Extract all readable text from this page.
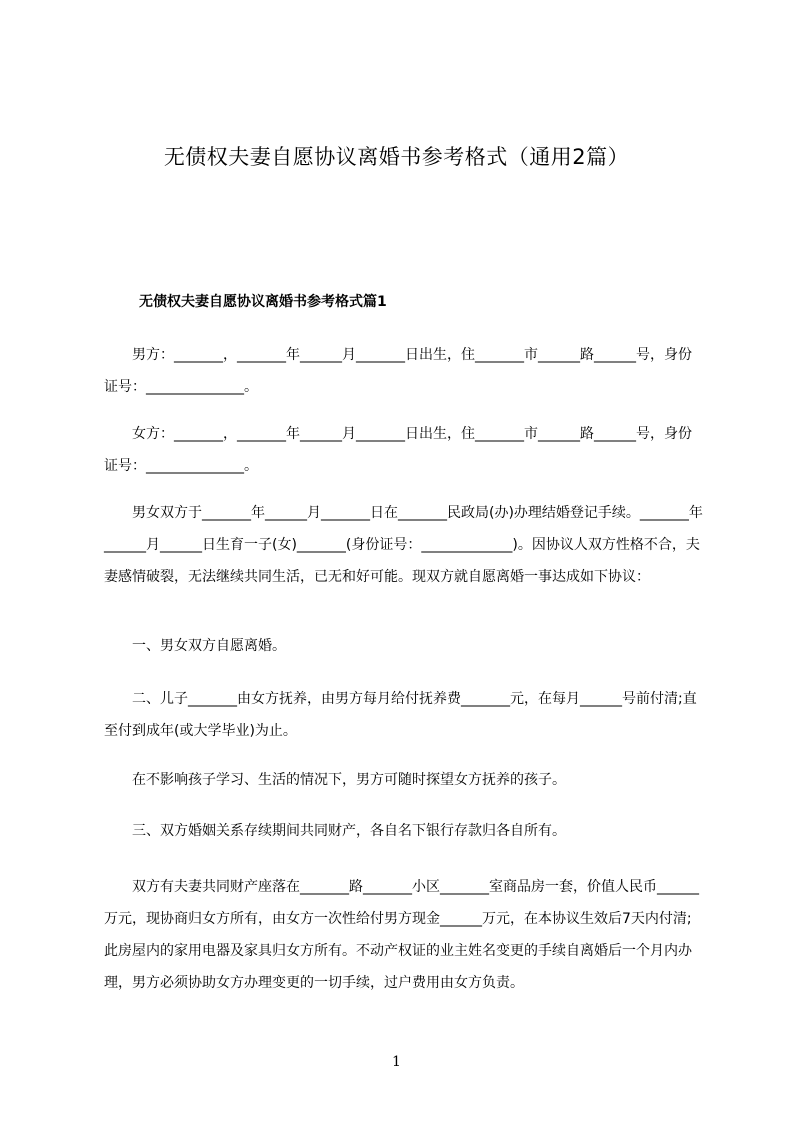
无债权夫妻自愿协议离婚书参考格式（通用2篇）
无债权夫妻自愿协议离婚书参考格式篇1
　　男方：_______，_______年______月_______日出生，住_______市______路______号，身份证号：______________。
　　女方：_______，_______年______月_______日出生，住_______市______路______号，身份证号：______________。
　　男女双方于_______年______月_______日在_______民政局(办)办理结婚登记手续。_______年______月______日生育一子(女)_______(身份证号：_____________)。因协议人双方性格不合，夫妻感情破裂，无法继续共同生活，已无和好可能。现双方就自愿离婚一事达成如下协议：
　　一、男女双方自愿离婚。
　　二、儿子_______由女方抚养，由男方每月给付抚养费_______元，在每月______号前付清;直至付到成年(或大学毕业)为止。
　　在不影响孩子学习、生活的情况下，男方可随时探望女方抚养的孩子。
　　三、双方婚姻关系存续期间共同财产，各自名下银行存款归各自所有。
　　双方有夫妻共同财产座落在_______路_______小区_______室商品房一套，价值人民币______万元，现协商归女方所有，由女方一次性给付男方现金______万元，在本协议生效后7天内付清;此房屋内的家用电器及家具归女方所有。不动产权证的业主姓名变更的手续自离婚后一个月内办理，男方必须协助女方办理变更的一切手续，过户费用由女方负责。
1
